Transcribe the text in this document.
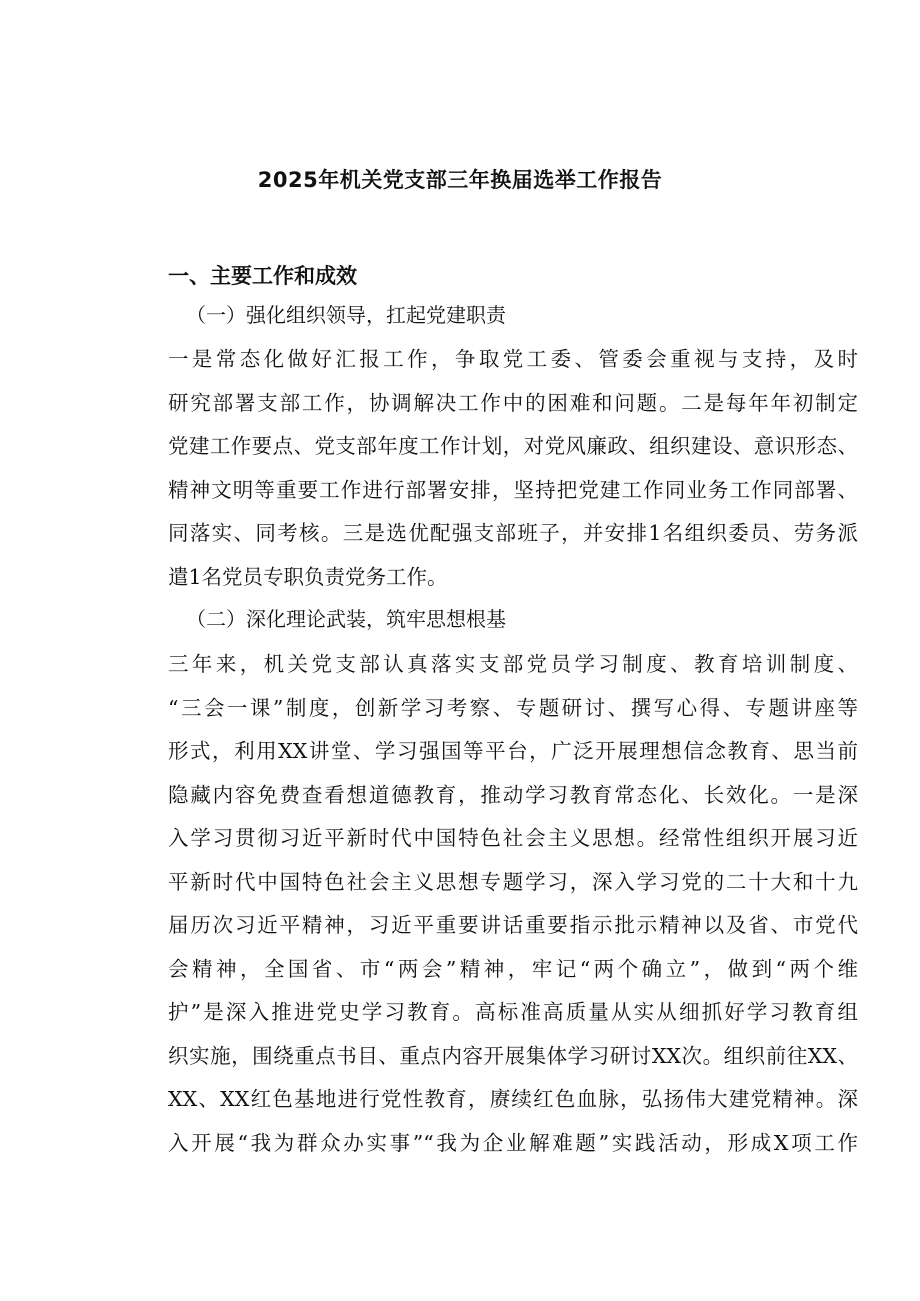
2025年机关党支部三年换届选举工作报告
一、主要工作和成效
（一）强化组织领导，扛起党建职责
一是常态化做好汇报工作，争取党工委、管委会重视与支持，及时
研究部署支部工作，协调解决工作中的困难和问题。二是每年年初制定
党建工作要点、党支部年度工作计划，对党风廉政、组织建设、意识形态、
精神文明等重要工作进行部署安排，坚持把党建工作同业务工作同部署、
同落实、同考核。三是选优配强支部班子，并安排1名组织委员、劳务派
遣1名党员专职负责党务工作。
（二）深化理论武装，筑牢思想根基
三年来，机关党支部认真落实支部党员学习制度、教育培训制度、
“三会一课”制度，创新学习考察、专题研讨、撰写心得、专题讲座等
形式，利用XX讲堂、学习强国等平台，广泛开展理想信念教育、思当前
隐藏内容免费查看想道德教育，推动学习教育常态化、长效化。一是深
入学习贯彻习近平新时代中国特色社会主义思想。经常性组织开展习近
平新时代中国特色社会主义思想专题学习，深入学习党的二十大和十九
届历次习近平精神，习近平重要讲话重要指示批示精神以及省、市党代
会精神，全国省、市“两会”精神，牢记“两个确立”，做到“两个维
护”是深入推进党史学习教育。高标准高质量从实从细抓好学习教育组
织实施，围绕重点书目、重点内容开展集体学习研讨XX次。组织前往XX、
XX、XX红色基地进行党性教育，赓续红色血脉，弘扬伟大建党精神。深
入开展“我为群众办实事”“我为企业解难题”实践活动，形成X项工作
